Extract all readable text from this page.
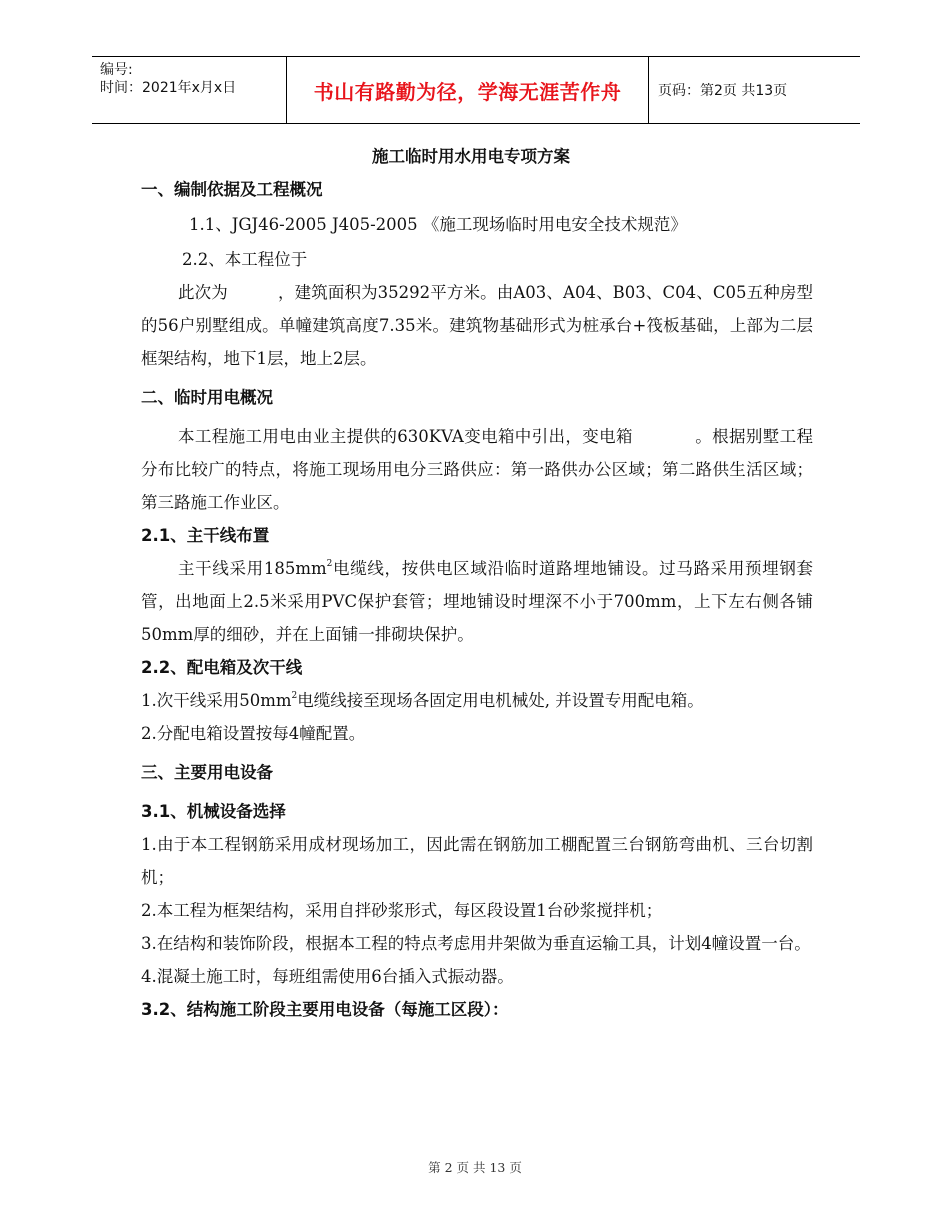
编号:
时间：2021年x月x日	书山有路勤为径，学海无涯苦作舟	页码：第2页 共13页
施工临时用水用电专项方案
一、编制依据及工程概况
1.1、JGJ46-2005 J405-2005 《施工现场临时用电安全技术规范》
2.2、本工程位于
此次为	，建筑面积为35292平方米。由A03、A04、B03、C04、C05五种房型的56户别墅组成。单幢建筑高度7.35米。建筑物基础形式为桩承台+筏板基础，上部为二层框架结构，地下1层，地上2层。
二、临时用电概况
本工程施工用电由业主提供的630KVA变电箱中引出，变电箱	。根据别墅工程分布比较广的特点，将施工现场用电分三路供应：第一路供办公区域；第二路供生活区域；第三路施工作业区。
2.1、主干线布置
主干线采用$185mm^2$电缆线，按供电区域沿临时道路埋地铺设。过马路采用预埋钢套管，出地面上2.5米采用PVC保护套管；埋地铺设时埋深不小于700mm，上下左右侧各铺50mm厚的细砂，并在上面铺一排砌块保护。
2.2、配电箱及次干线
1.次干线采用$50mm^2$电缆线接至现场各固定用电机械处, 并设置专用配电箱。
2.分配电箱设置按每4幢配置。
三、主要用电设备
3.1、机械设备选择
1.由于本工程钢筋采用成材现场加工，因此需在钢筋加工棚配置三台钢筋弯曲机、三台切割机；
2.本工程为框架结构，采用自拌砂浆形式，每区段设置1台砂浆搅拌机；
3.在结构和装饰阶段，根据本工程的特点考虑用井架做为垂直运输工具，计划4幢设置一台。
4.混凝土施工时，每班组需使用6台插入式振动器。
3.2、结构施工阶段主要用电设备（每施工区段）：
第 2 页 共 13 页
